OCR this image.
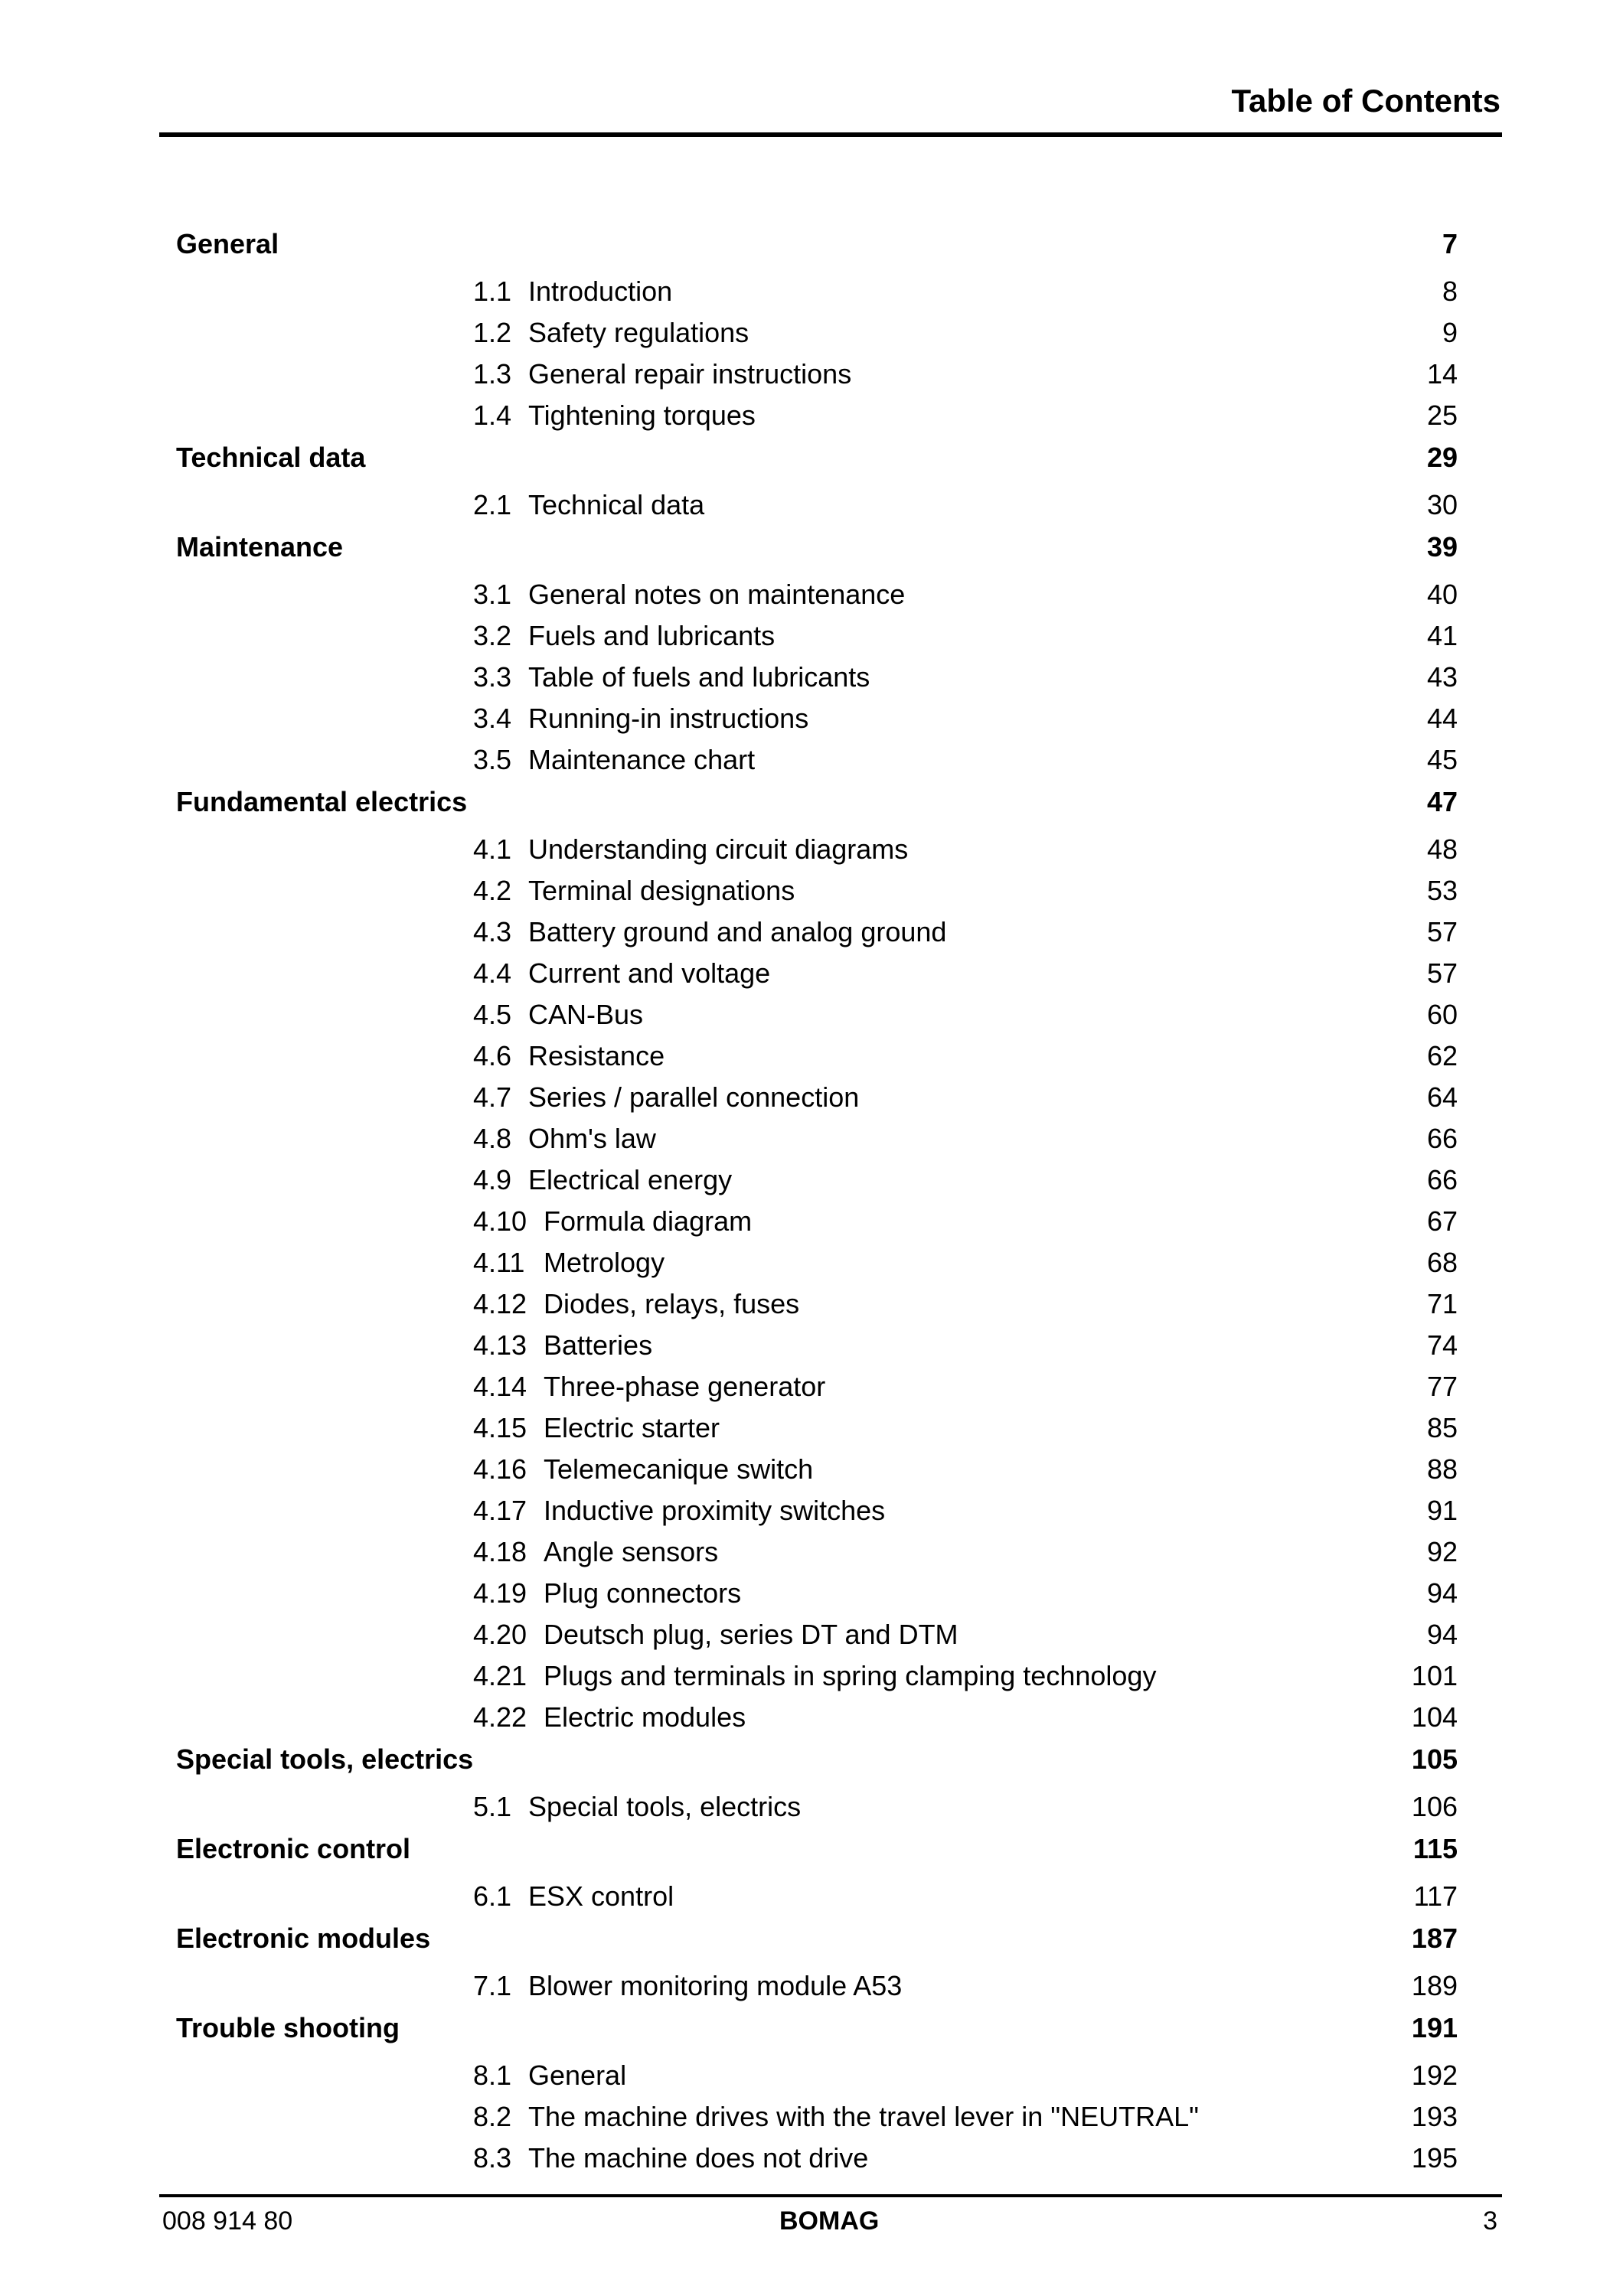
Table of Contents
General	7
1.1 Introduction	8
1.2 Safety regulations	9
1.3 General repair instructions	14
1.4 Tightening torques	25
Technical data	29
2.1 Technical data	30
Maintenance	39
3.1 General notes on maintenance	40
3.2 Fuels and lubricants	41
3.3 Table of fuels and lubricants	43
3.4 Running-in instructions	44
3.5 Maintenance chart	45
Fundamental electrics	47
4.1 Understanding circuit diagrams	48
4.2 Terminal designations	53
4.3 Battery ground and analog ground	57
4.4 Current and voltage	57
4.5 CAN-Bus	60
4.6 Resistance	62
4.7 Series / parallel connection	64
4.8 Ohm's law	66
4.9 Electrical energy	66
4.10 Formula diagram	67
4.11 Metrology	68
4.12 Diodes, relays, fuses	71
4.13 Batteries	74
4.14 Three-phase generator	77
4.15 Electric starter	85
4.16 Telemecanique switch	88
4.17 Inductive proximity switches	91
4.18 Angle sensors	92
4.19 Plug connectors	94
4.20 Deutsch plug, series DT and DTM	94
4.21 Plugs and terminals in spring clamping technology	101
4.22 Electric modules	104
Special tools, electrics	105
5.1 Special tools, electrics	106
Electronic control	115
6.1 ESX control	117
Electronic modules	187
7.1 Blower monitoring module A53	189
Trouble shooting	191
8.1 General	192
8.2 The machine drives with the travel lever in "NEUTRAL"	193
8.3 The machine does not drive	195
008 914 80	BOMAG	3
